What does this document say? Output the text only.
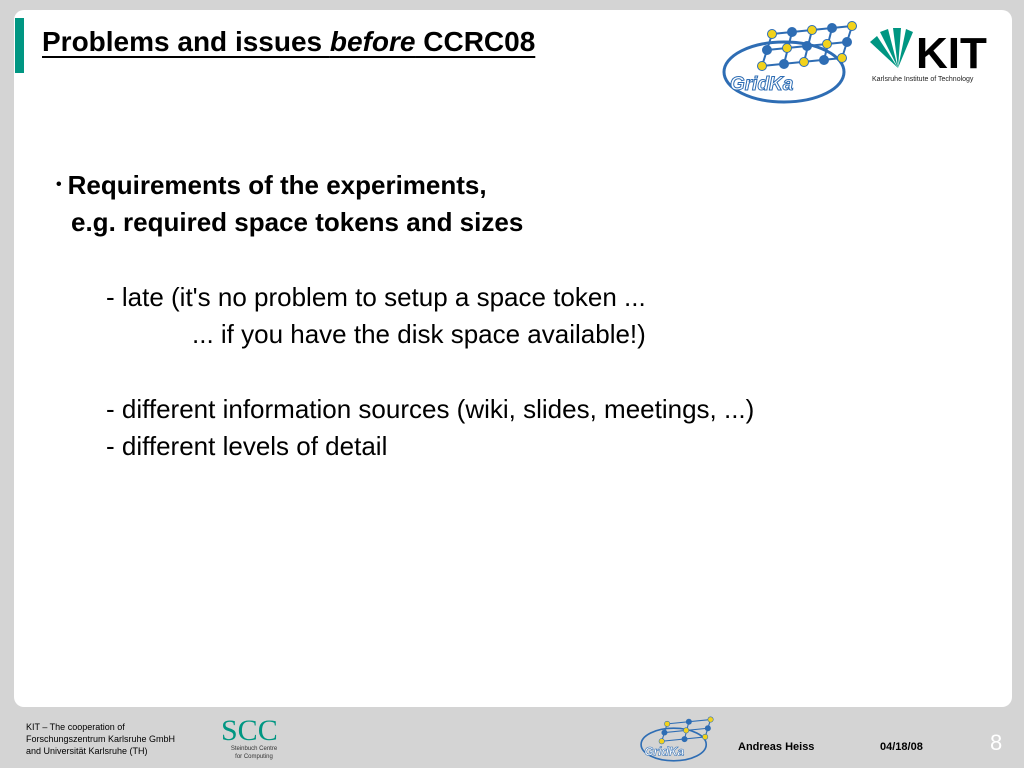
Problems and issues before CCRC08
GridKa
KIT
Karlsruhe Institute of Technology
• Requirements of the experiments,
e.g. required space tokens and sizes
- late (it's no problem to setup a space token ...
... if you have the disk space available!)
- different information sources (wiki, slides, meetings, ...)
- different levels of detail
KIT – The cooperation of
Forschungszentrum Karlsruhe GmbH
and Universität Karlsruhe (TH)
SCC
Steinbuch Centre
for Computing	GridKa	Andreas Heiss	04/18/08	8
